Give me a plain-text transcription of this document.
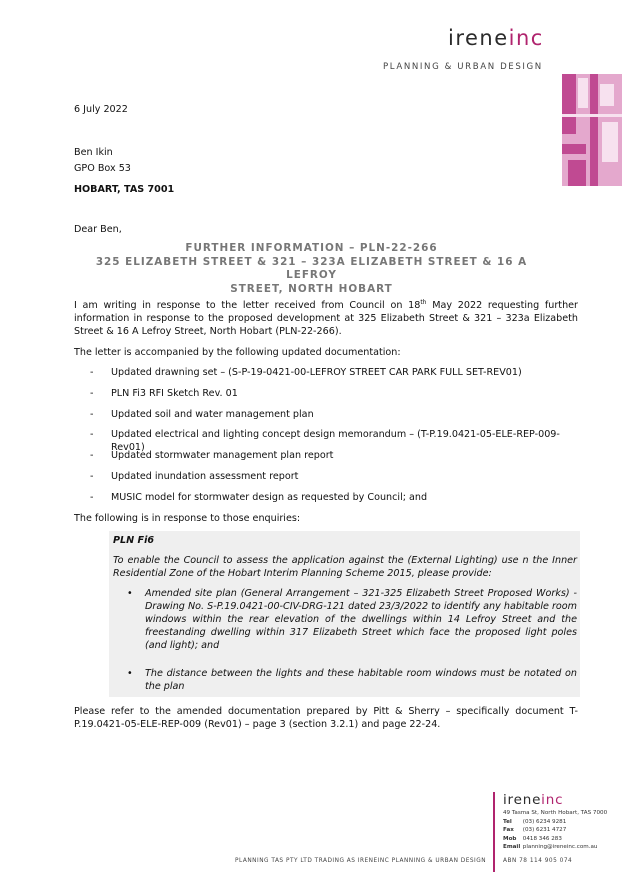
ireneinc
PLANNING & URBAN DESIGN
6 July 2022
Ben Ikin
GPO Box 53
HOBART, TAS 7001
Dear Ben,
FURTHER INFORMATION – PLN-22-266
325 ELIZABETH STREET & 321 – 323A ELIZABETH STREET & 16 A LEFROY
STREET, NORTH HOBART
I am writing in response to the letter received from Council on 18th May 2022 requesting further information in response to the proposed development at 325 Elizabeth Street & 321 – 323a Elizabeth Street & 16 A Lefroy Street, North Hobart (PLN-22-266).
The letter is accompanied by the following updated documentation:
- Updated drawning set – (S-P-19-0421-00-LEFROY STREET CAR PARK FULL SET-REV01)
- PLN Fi3 RFI Sketch Rev. 01
- Updated soil and water management plan
- Updated electrical and lighting concept design memorandum – (T-P.19.0421-05-ELE-REP-009-Rev01)
- Updated stormwater management plan report
- Updated inundation assessment report
- MUSIC model for stormwater design as requested by Council; and
The following is in response to those enquiries:
PLN Fi6
To enable the Council to assess the application against the (External Lighting) use n the Inner Residential Zone of the Hobart Interim Planning Scheme 2015, please provide:
• Amended site plan (General Arrangement – 321-325 Elizabeth Street Proposed Works) - Drawing No. S-P.19.0421-00-CIV-DRG-121 dated 23/3/2022 to identify any habitable room windows within the rear elevation of the dwellings within 14 Lefroy Street and the freestanding dwelling within 317 Elizabeth Street which face the proposed light poles (and light); and
• The distance between the lights and these habitable room windows must be notated on the plan
Please refer to the amended documentation prepared by Pitt & Sherry – specifically document T-P.19.0421-05-ELE-REP-009 (Rev01) – page 3 (section 3.2.1) and page 22-24.
ireneinc
49 Tasma St, North Hobart, TAS 7000
Tel (03) 6234 9281
Fax (03) 6231 4727
Mob 0418 346 283
Email planning@ireneinc.com.au
PLANNING TAS PTY LTD TRADING AS IRENEINC PLANNING & URBAN DESIGN	ABN 78 114 905 074
